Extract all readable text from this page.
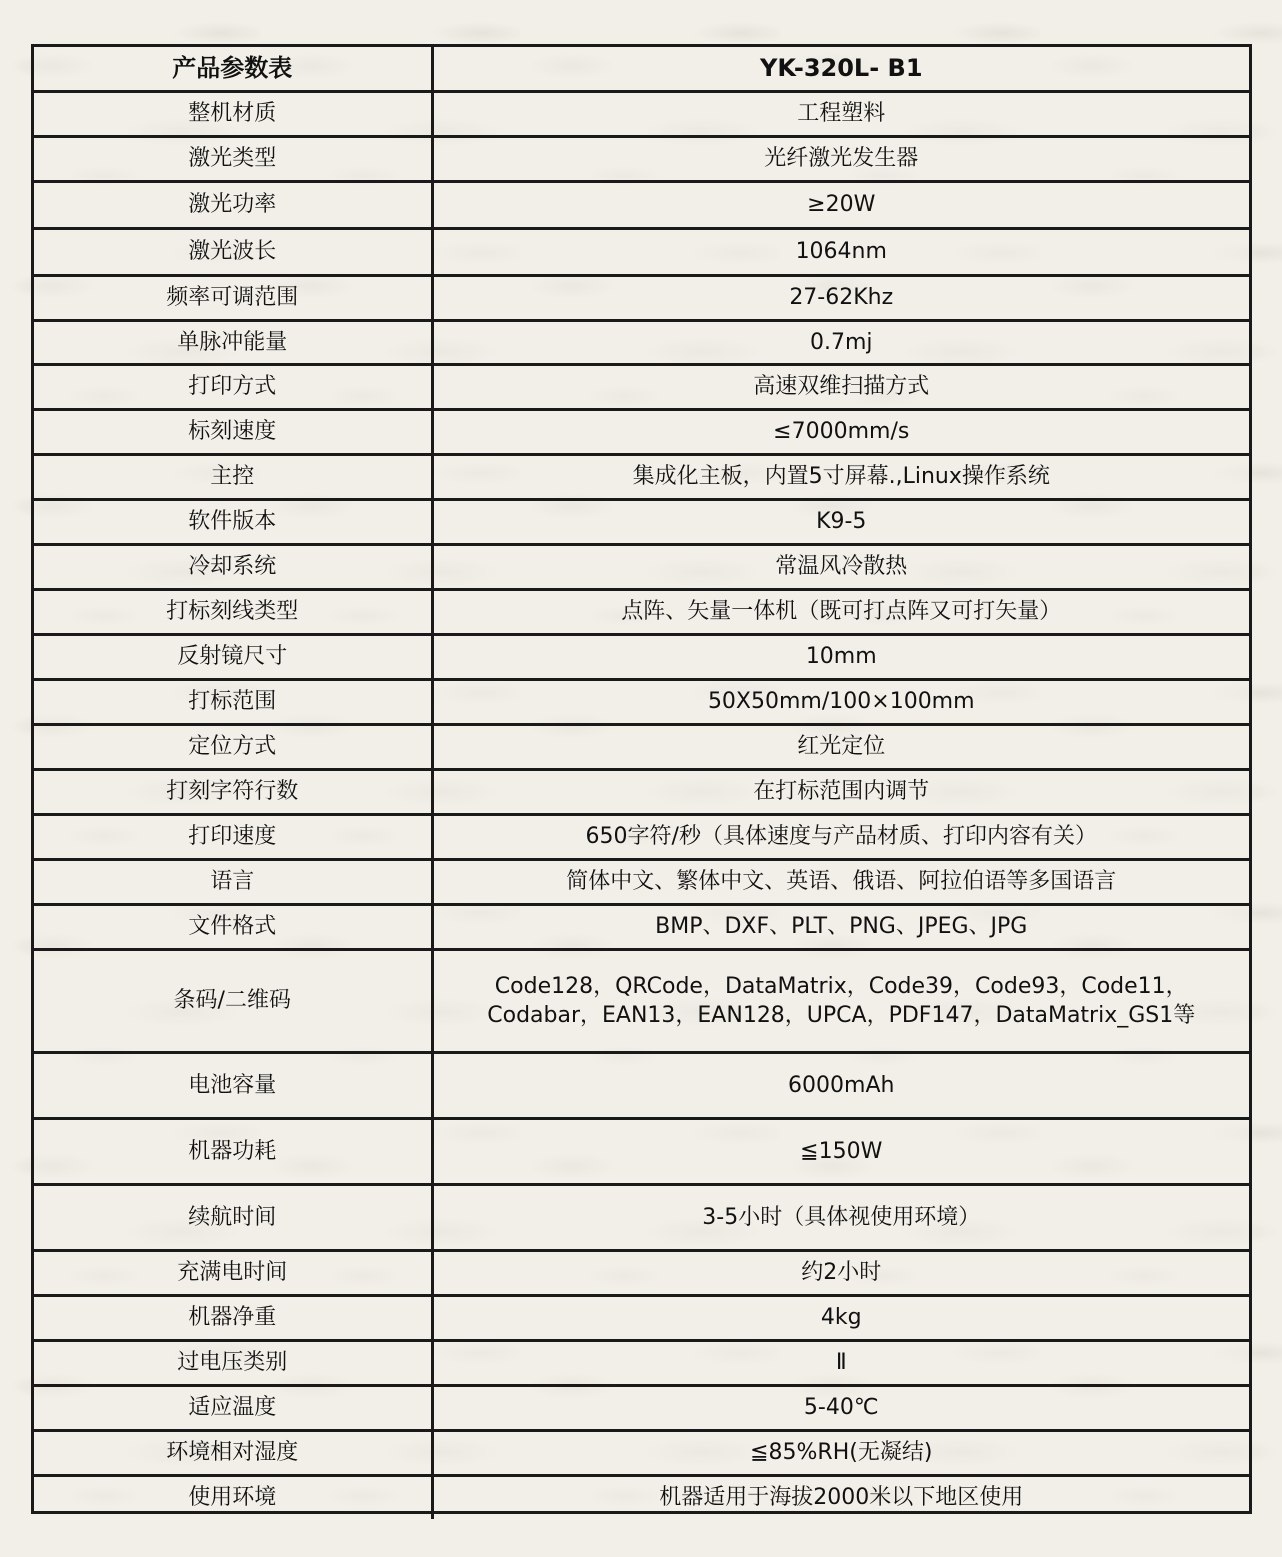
产品参数表	YK-320L- B1
整机材质	工程塑料
激光类型	光纤激光发生器
激光功率	≥20W
激光波长	1064nm
频率可调范围	27-62Khz
单脉冲能量	0.7mj
打印方式	高速双维扫描方式
标刻速度	≤7000mm/s
主控	集成化主板，内置5寸屏幕.,Linux操作系统
软件版本	K9-5
冷却系统	常温风冷散热
打标刻线类型	点阵、矢量一体机（既可打点阵又可打矢量）
反射镜尺寸	10mm
打标范围	50X50mm/100×100mm
定位方式	红光定位
打刻字符行数	在打标范围内调节
打印速度	650字符/秒（具体速度与产品材质、打印内容有关）
语言	简体中文、繁体中文、英语、俄语、阿拉伯语等多国语言
文件格式	BMP、DXF、PLT、PNG、JPEG、JPG
条码/二维码	Code128，QRCode，DataMatrix，Code39，Code93，Code11，
Codabar，EAN13，EAN128，UPCA，PDF147，DataMatrix_GS1等

电池容量	6000mAh
机器功耗	≦150W
续航时间	3-5小时（具体视使用环境）
充满电时间	约2小时
机器净重	4kg
过电压类别	Ⅱ
适应温度	5-40℃
环境相对湿度	≦85%RH(无凝结)
使用环境	机器适用于海拔2000米以下地区使用
